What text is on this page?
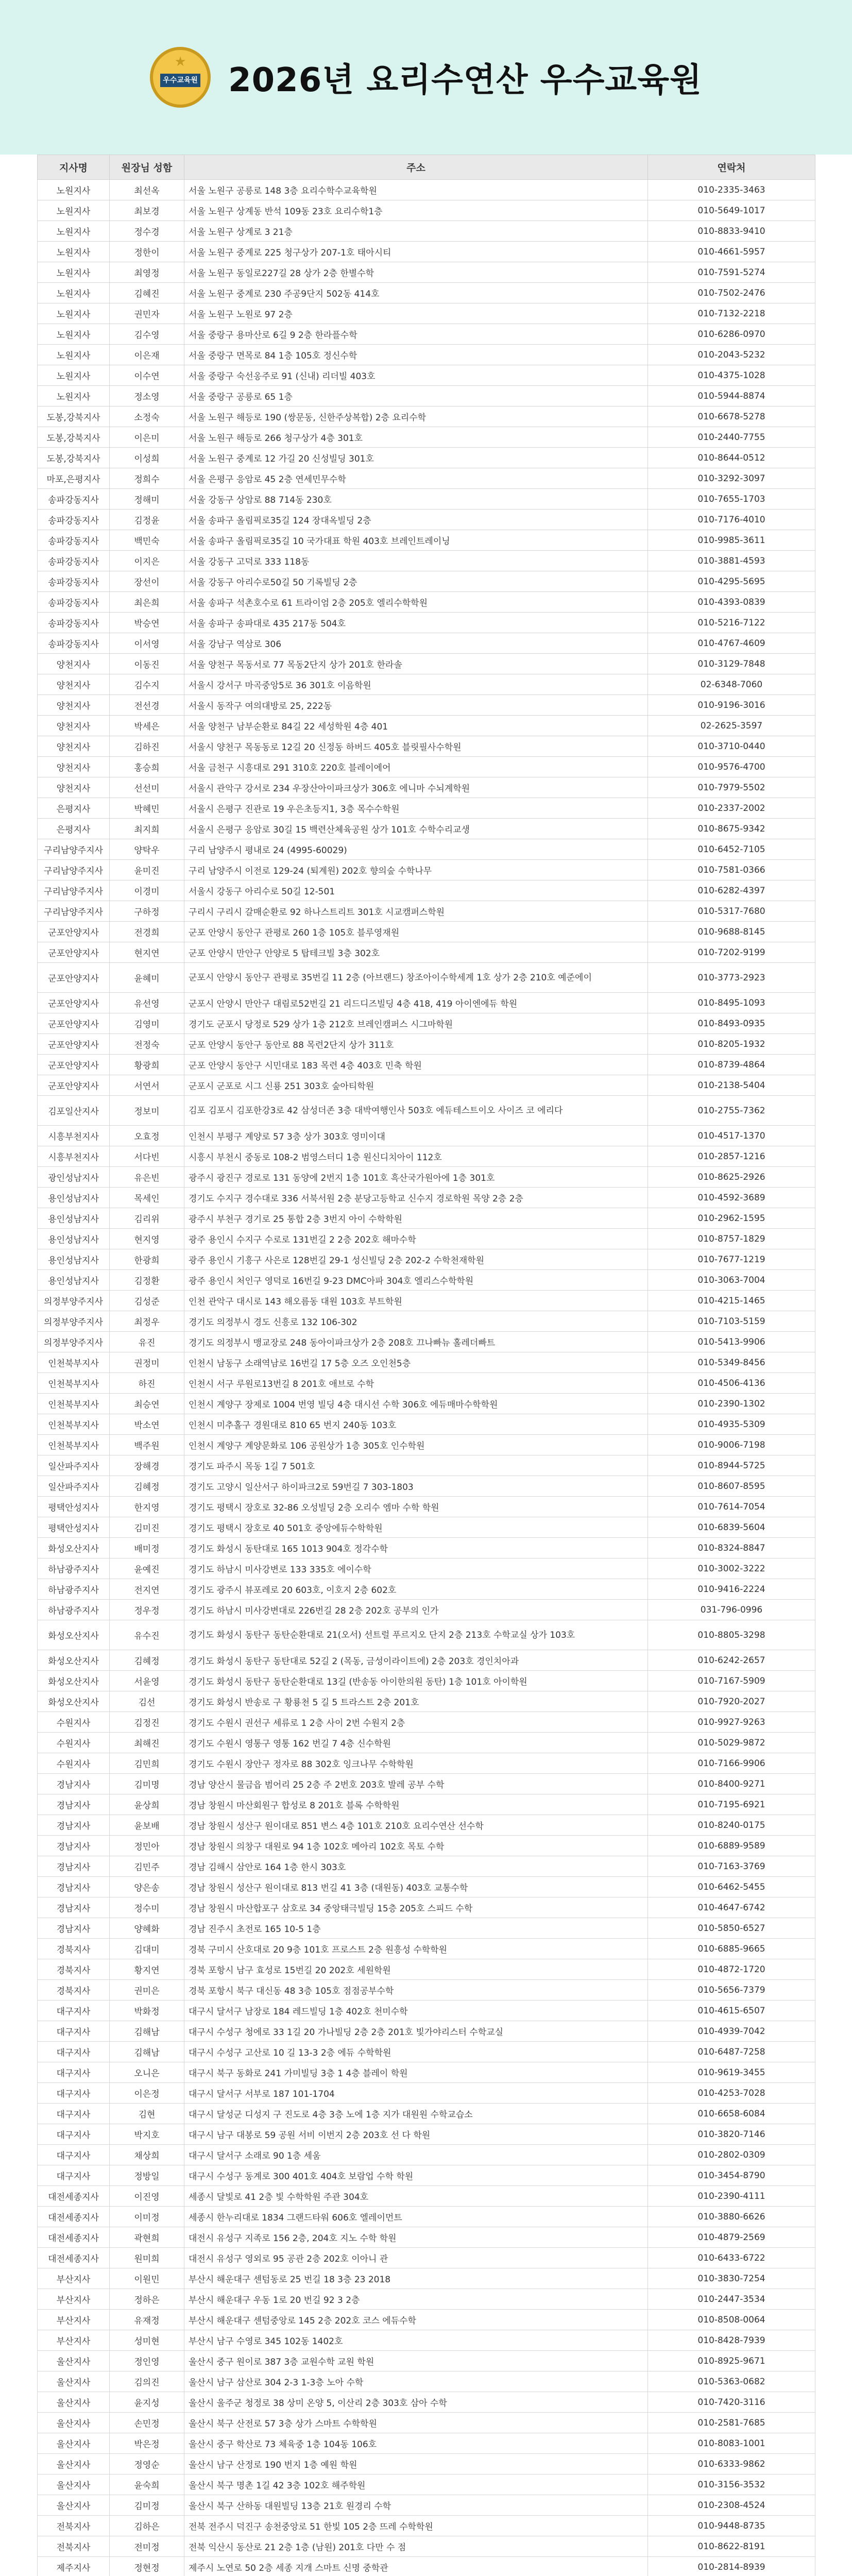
★
우수교육원 2026년 요리수연산 우수교육원
지사명	원장님 성함	주소	연락처
노원지사	최선옥	서울 노원구 공릉로 148 3층 요리수학수교육학원	010-2335-3463
노원지사	최보경	서울 노원구 상계동 반석 109동 23호 요리수학1층	010-5649-1017
노원지사	정수경	서울 노원구 상계로 3 21층	010-8833-9410
노원지사	정한이	서울 노원구 중계로 225 청구상가 207-1호 태아시티	010-4661-5957
노원지사	최영정	서울 노원구 동일로227길 28 상가 2층 한별수학	010-7591-5274
노원지사	김혜진	서울 노원구 중계로 230 주공9단지 502동 414호	010-7502-2476
노원지사	권민자	서울 노원구 노원로 97 2층	010-7132-2218
노원지사	김수영	서울 중랑구 용마산로 6길 9 2층 한라플수학	010-6286-0970
노원지사	이은재	서울 중랑구 면목로 84 1층 105호 정신수학	010-2043-5232
노원지사	이수연	서울 중랑구 숙선옹주로 91 (신내) 리더빌 403호	010-4375-1028
노원지사	정소영	서울 중랑구 공릉로 65 1층	010-5944-8874
도봉,강북지사	소정숙	서울 노원구 해등로 190 (쌍문동, 신한주상복합) 2층 요리수학	010-6678-5278
도봉,강북지사	이은미	서울 노원구 해등로 266 청구상가 4층 301호	010-2440-7755
도봉,강북지사	이성희	서울 노원구 중계로 12 가길 20 신성빌딩 301호	010-8644-0512
마포,은평지사	정희수	서울 은평구 응암로 45 2층 연세민무수학	010-3292-3097
송파강동지사	정해미	서울 강동구 상암로 88 714동 230호	010-7655-1703
송파강동지사	김정윤	서울 송파구 올림픽로35길 124 장대옥빌딩 2층	010-7176-4010
송파강동지사	백민숙	서울 송파구 올림픽로35길 10 국가대표 학원 403호 브레인트레이닝	010-9985-3611
송파강동지사	이지은	서울 강동구 고덕로 333 118동	010-3881-4593
송파강동지사	장선이	서울 강동구 아리수로50길 50 기록빌딩 2층	010-4295-5695
송파강동지사	최은희	서울 송파구 석촌호수로 61 트라이엄 2층 205호 엘리수학학원	010-4393-0839
송파강동지사	박승연	서울 송파구 송파대로 435 217동 504호	010-5216-7122
송파강동지사	이서영	서울 강남구 역삼로 306	010-4767-4609
양천지사	이동진	서울 양천구 목동서로 77 목동2단지 상가 201호 한라솔	010-3129-7848
양천지사	김수지	서울시 강서구 마곡중앙5로 36 301호 이음학원	02-6348-7060
양천지사	전선경	서울시 동작구 여의대방로 25, 222동	010-9196-3016
양천지사	박세은	서울 양천구 남부순환로 84길 22 세성학원 4층 401	02-2625-3597
양천지사	김하진	서울시 양천구 목동동로 12길 20 신정동 하버드 405호 블릿필사수학원	010-3710-0440
양천지사	홍승희	서울 금천구 시흥대로 291 310호 220호 블레이에어	010-9576-4700
양천지사	선선미	서울시 관악구 강서로 234 우장산아이파크상가 306호 에니마 수뇌계학원	010-7979-5502
은평지사	박혜민	서울시 은평구 진관로 19 우은초등지1, 3층 목수수학원	010-2337-2002
은평지사	최지희	서울시 은평구 응암로 30길 15 백련산체육공원 상가 101호 수학수리교생	010-8675-9342
구리남양주지사	양탁우	구리 남양주시 평내로 24 (4995-60029)	010-6452-7105
구리남양주지사	윤미진	구리 남양주시 이전로 129-24 (퇴계원) 202호 향의숲 수학나무	010-7581-0366
구리남양주지사	이경미	서울시 강동구 아리수로 50길 12-501	010-6282-4397
구리남양주지사	구하정	구리시 구리시 갈매순환로 92 하나스트리트 301호 시교캠퍼스학원	010-5317-7680
군포안양지사	전경희	군포 안양시 동안구 관평로 260 1층 105호 블루영재원	010-9688-8145
군포안양지사	현지연	군포 안양시 만안구 안양로 5 탑테크빌 3층 302호	010-7202-9199
군포안양지사	윤혜미	군포시 안양시 동안구 관평로 35번길 11 2층 (아브랜드) 창조아이수학세계 1호 상가 2층 210호 예준에이	010-3773-2923
군포안양지사	유선영	군포시 안양시 만안구 대림로52번길 21 리드디즈빌딩 4층 418, 419 아이엔에듀 학원	010-8495-1093
군포안양지사	김영미	경기도 군포시 당정로 529 상가 1층 212호 브레인캠퍼스 시그마학원	010-8493-0935
군포안양지사	전정숙	군포 안양시 동안구 동안로 88 목련2단지 상가 311호	010-8205-1932
군포안양지사	황광희	군포 안양시 동안구 시민대로 183 목련 4층 403호 민축 학원	010-8739-4864
군포안양지사	서연서	군포시 군포로 시그 신룡 251 303호 숲아티학원	010-2138-5404
김포일산지사	정보미	김포 김포시 김포한강3로 42 삼성더존 3층 대박여행인사 503호 에듀테스트이오 사이즈 코 에리다	010-2755-7362
시흥부천지사	오효정	인천시 부평구 계양로 57 3층 상가 303호 영미이대	010-4517-1370
시흥부천지사	서다빈	시흥시 부천시 중동로 108-2 범영스터디 1층 원신디치아이 112호	010-2857-1216
광인성남지사	유은빈	광주시 광진구 경로로 131 동양에 2번지 1층 101호 흑산국가원아에 1층 301호	010-8625-2926
용인성남지사	목세인	경기도 수지구 경수대로 336 서북서원 2층 분당고등학교 신수지 경로학원 목양 2층 2층	010-4592-3689
용인성남지사	김리위	광주시 부천구 경기로 25 통합 2층 3번지 아이 수학학원	010-2962-1595
용인성남지사	현지영	광주 용인시 수지구 수로로 131번길 2 2층 202호 해마수학	010-8757-1829
용인성남지사	한광희	광주 용인시 기흥구 사은로 128번길 29-1 성신빌딩 2층 202-2 수학천재학원	010-7677-1219
용인성남지사	김정환	광주 용인시 처인구 영덕로 16번길 9-23 DMC아파 304호 엘리스수학학원	010-3063-7004
의정부양주지사	김성준	인천 관악구 대시로 143 해오름동 대원 103호 부트학원	010-4215-1465
의정부양주지사	최정우	경기도 의정부시 경도 신흥로 132 106-302	010-7103-5159
의정부양주지사	유진	경기도 의정부시 맹교장로 248 동아이파크상가 2층 208호 끄나빠뉴 홀레더빠트	010-5413-9906
인천북부지사	권정미	인천시 남동구 소래역남로 16번길 17 5층 오즈 오인천5층	010-5349-8456
인천북부지사	하진	인천시 서구 루원로13번길 8 201호 애브로 수학	010-4506-4136
인천북부지사	최승연	인천시 계양구 장제로 1004 번영 빌딩 4층 대시선 수학 306호 에듀매마수학학원	010-2390-1302
인천북부지사	박소연	인천시 미추홀구 경원대로 810 65 번지 240동 103호	010-4935-5309
인천북부지사	백주원	인천시 계양구 계양문화로 106 공원상가 1층 305호 인수학원	010-9006-7198
일산파주지사	장해경	경기도 파주시 목동 1길 7 501호	010-8944-5725
일산파주지사	김혜정	경기도 고양시 일산서구 하이파크2로 59번길 7 303-1803	010-8607-8595
평택안성지사	한지영	경기도 평택시 장호로 32-86 오성빌딩 2층 오리수 엠마 수학 학원	010-7614-7054
평택안성지사	김미진	경기도 평택시 장호로 40 501호 중앙에듀수학학원	010-6839-5604
화성오산지사	배미정	경기도 화성시 동탄대로 165 1013 904호 정각수학	010-8324-8847
하남광주지사	윤예진	경기도 하남시 미사강변로 133 335호 에이수학	010-3002-3222
하남광주지사	전지연	경기도 광주시 뷰포레로 20 603호, 이호지 2층 602호	010-9416-2224
하남광주지사	정우정	경기도 하남시 미사강변대로 226번길 28 2층 202호 공부의 인가	031-796-0996
화성오산지사	유수진	경기도 화성시 동탄구 동탄순환대로 21(오서) 선트럴 푸르지오 단지 2층 213호 수학교실 상가 103호	010-8805-3298
화성오산지사	김혜정	경기도 화성시 동탄구 동탄대로 52길 2 (목동, 금성이라이트에) 2층 203호 경인치아과	010-6242-2657
화성오산지사	서윤영	경기도 화성시 동탄구 동탄순환대로 13길 (반송동 아이한의원 동탄) 1층 101호 아이학원	010-7167-5909
화성오산지사	김선	경기도 화성시 반송로 구 황룡천 5 길 5 트라스트 2층 201호	010-7920-2027
수원지사	김정진	경기도 수원시 권선구 세류로 1 2층 사이 2번 수원지 2층	010-9927-9263
수원지사	최해진	경기도 수원시 영통구 영통 162 번길 7 4층 신수학원	010-5029-9872
수원지사	김민희	경기도 수원시 장안구 정자로 88 302호 잉크나무 수학학원	010-7166-9906
경남지사	김미명	경남 양산시 물금읍 범어리 25 2층 주 2번호 203호 발레 공부 수학	010-8400-9271
경남지사	윤상희	경남 창원시 마산회원구 합성로 8 201호 블록 수학학원	010-7195-6921
경남지사	윤보배	경남 창원시 성산구 원이대로 851 변스 4층 101호 210호 요리수연산 선수학	010-8240-0175
경남지사	정민아	경남 창원시 의창구 대원로 94 1층 102호 메아리 102호 목토 수학	010-6889-9589
경남지사	김민주	경남 김해시 삼안로 164 1층 한시 303호	010-7163-3769
경남지사	양은송	경남 창원시 성산구 원이대로 813 번길 41 3층 (대원동) 403호 교통수학	010-6462-5455
경남지사	정수미	경남 창원시 마산합포구 삼호로 34 중앙태극빌딩 15층 205호 스피드 수학	010-4647-6742
경남지사	양혜화	경남 진주시 초전로 165 10-5 1층	010-5850-6527
경북지사	김대미	경북 구미시 산호대로 20 9층 101호 프로스트 2층 원흥성 수학학원	010-6885-9665
경북지사	황지연	경북 포항시 남구 효성로 15번길 20 202호 세원학원	010-4872-1720
경북지사	권미은	경북 포항시 북구 대신동 48 3층 105호 점점공부수학	010-5656-7379
대구지사	박화정	대구시 달서구 남장로 184 레드빌딩 1층 402호 천미수학	010-4615-6507
대구지사	김해남	대구시 수성구 청에로 33 1길 20 가나빌딩 2층 2층 201호 빛가야리스터 수학교실	010-4939-7042
대구지사	김해남	대구시 수성구 고산로 10 길 13-3 2층 에듀 수학학원	010-6487-7258
대구지사	오니은	대구시 북구 동화로 241 가미빌딩 3층 1 4층 블레이 학원	010-9619-3455
대구지사	이은정	대구시 달서구 서부로 187 101-1704	010-4253-7028
대구지사	김현	대구시 달성군 디성지 구 진도로 4층 3층 노에 1층 지가 대원원 수학교습소	010-6658-6084
대구지사	박지호	대구시 남구 대봉로 59 공원 서비 이번지 2층 203호 선 다 학원	010-3820-7146
대구지사	채상희	대구시 달서구 소래로 90 1층 세움	010-2802-0309
대구지사	정방일	대구시 수성구 동계로 300 401호 404호 보람업 수학 학원	010-3454-8790
대전세종지사	이진영	세종시 달빛로 41 2층 빛 수학학원 주관 304호	010-2390-4111
대전세종지사	이미정	세종시 한누리대로 1834 그랜드타워 606호 엘레이먼트	010-3880-6626
대전세종지사	곽현희	대전시 유성구 지족로 156 2층, 204호 지노 수학 학원	010-4879-2569
대전세종지사	원미희	대전시 유성구 영외로 95 공관 2층 202호 이아니 관	010-6433-6722
부산지사	이원민	부산시 해운대구 센텀동로 25 번길 18 3층 23 2018	010-3830-7254
부산지사	정하은	부산시 해운대구 우동 1로 20 번길 92 3 2층	010-2447-3534
부산지사	유재정	부산시 해운대구 센텀중앙로 145 2층 202호 코스 에듀수학	010-8508-0064
부산지사	성미현	부산시 남구 수영로 345 102동 1402호	010-8428-7939
울산지사	정인영	울산시 중구 원이로 387 3층 교원수학 교원 학원	010-8925-9671
울산지사	김의진	울산시 남구 삼산로 304 2-3 1-3층 노아 수학	010-5363-0682
울산지사	윤지성	울산시 울주군 청정로 38 상미 온양 5, 이산리 2층 303호 삼아 수학	010-7420-3116
울산지사	손민정	울산시 북구 산전로 57 3층 상가 스마트 수학학원	010-2581-7685
울산지사	박은정	울산시 중구 학산로 73 체육중 1층 104동 106호	010-8083-1001
울산지사	정영순	울산시 남구 산정로 190 번지 1층 예원 학원	010-6333-9862
울산지사	윤숙희	울산시 북구 명촌 1길 42 3층 102호 해주학원	010-3156-3532
울산지사	김미정	울산시 북구 산하동 대원빌딩 13층 21호 원경리 수학	010-2308-4524
전북지사	김하은	전북 전주시 덕진구 송천중앙로 51 한빛 105 2층 뜨레 수학학원	010-9448-8735
전북지사	전미정	전북 익산시 동산로 21 2층 1층 (남원) 201호 다만 수 점	010-8622-8191
제주지사	정현정	제주시 노연로 50 2층 세종 지개 스마트 신명 중학관	010-2814-8939
